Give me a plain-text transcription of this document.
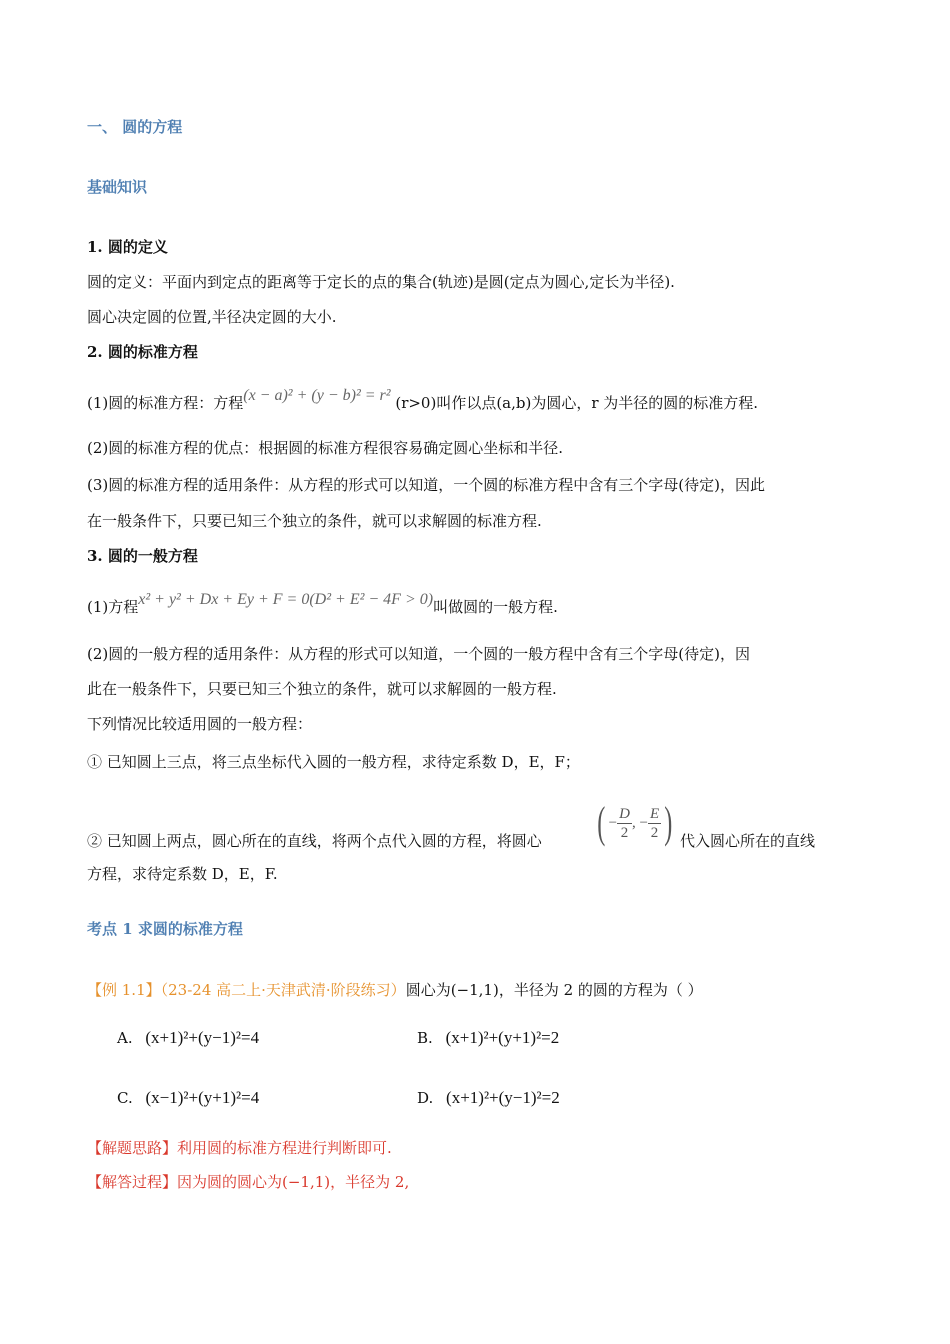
一、 圆的方程
基础知识
1. 圆的定义
圆的定义：平面内到定点的距离等于定长的点的集合(轨迹)是圆(定点为圆心,定长为半径).
圆心决定圆的位置,半径决定圆的大小.
2. 圆的标准方程
(1)圆的标准方程：方程(x − a)² + (y − b)² = r² (r>0)叫作以点(a,b)为圆心，r 为半径的圆的标准方程.
(2)圆的标准方程的优点：根据圆的标准方程很容易确定圆心坐标和半径.
(3)圆的标准方程的适用条件：从方程的形式可以知道，一个圆的标准方程中含有三个字母(待定)，因此
在一般条件下，只要已知三个独立的条件，就可以求解圆的标准方程.
3. 圆的一般方程
(1)方程x² + y² + Dx + Ey + F = 0(D² + E² − 4F > 0)叫做圆的一般方程.
(2)圆的一般方程的适用条件：从方程的形式可以知道，一个圆的一般方程中含有三个字母(待定)，因
此在一般条件下，只要已知三个独立的条件，就可以求解圆的一般方程.
下列情况比较适用圆的一般方程：
① 已知圆上三点，将三点坐标代入圆的一般方程，求待定系数 D，E，F；
② 已知圆上两点，圆心所在的直线，将两个点代入圆的方程，将圆心 ( − $\frac{D}{2}$ , − $\frac{E}{2}$ ) 代入圆心所在的直线
方程，求待定系数 D，E，F.
考点 1 求圆的标准方程
【例 1.1】（23-24 高二上·天津武清·阶段练习）圆心为(−1,1)，半径为 2 的圆的方程为（ ）
A. (x+1)²+(y−1)²=4	B. (x+1)²+(y+1)²=2
C. (x−1)²+(y+1)²=4	D. (x+1)²+(y−1)²=2
【解题思路】利用圆的标准方程进行判断即可.
【解答过程】因为圆的圆心为(−1,1)，半径为 2,
